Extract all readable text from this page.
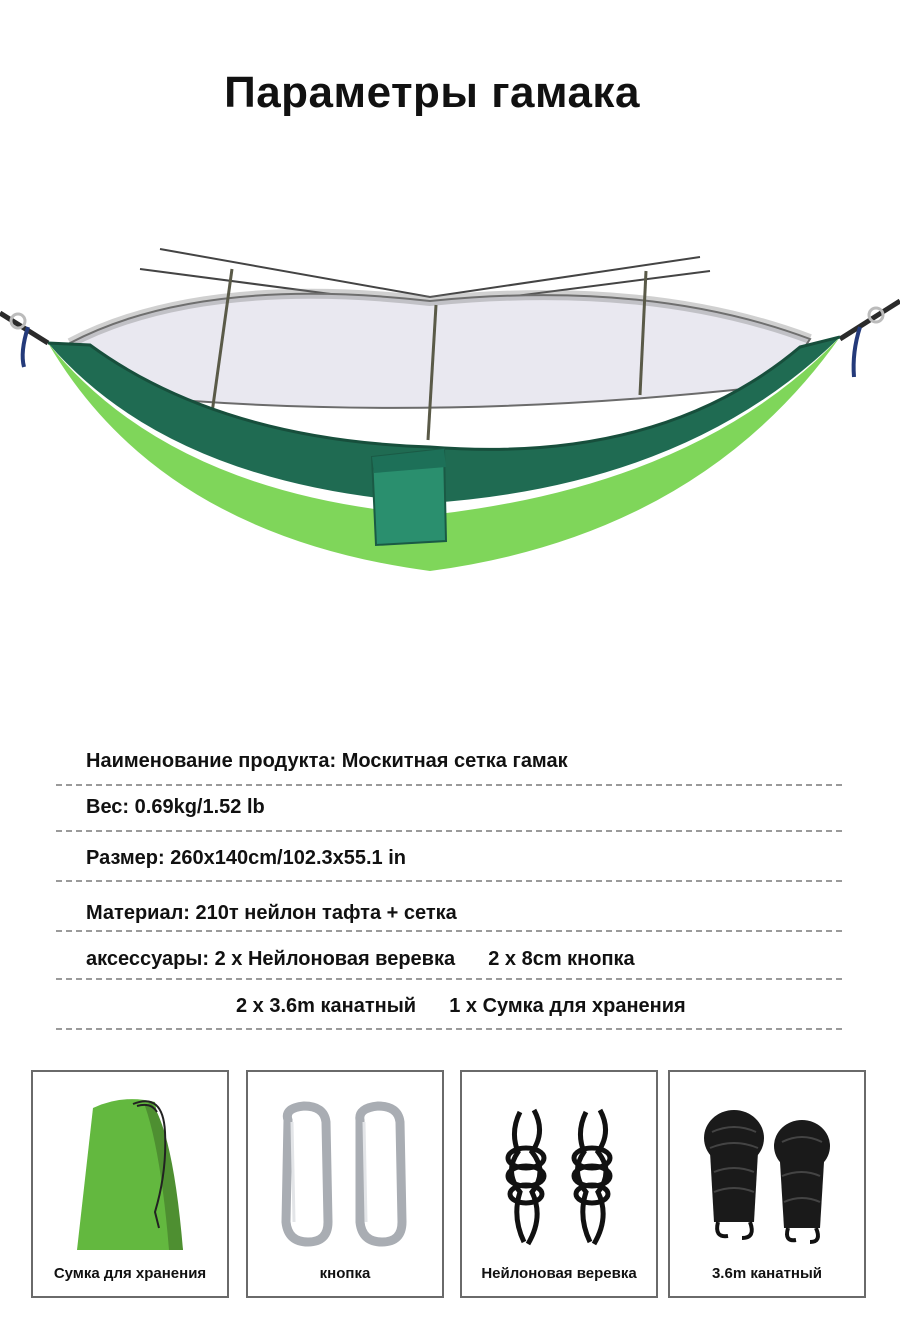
Параметры гамака
Наименование продукта: Москитная сетка гамак
Вес: 0.69kg/1.52 lb
Размер: 260x140cm/102.3x55.1 in
Материал: 210т нейлон тафта + сетка
аксессуары: 2 x Нейлоновая веревка 2 x 8cm кнопка
2 x 3.6m канатный 1 x Сумка для хранения
Сумка для хранения	кнопка	Нейлоновая веревка	3.6m канатный
